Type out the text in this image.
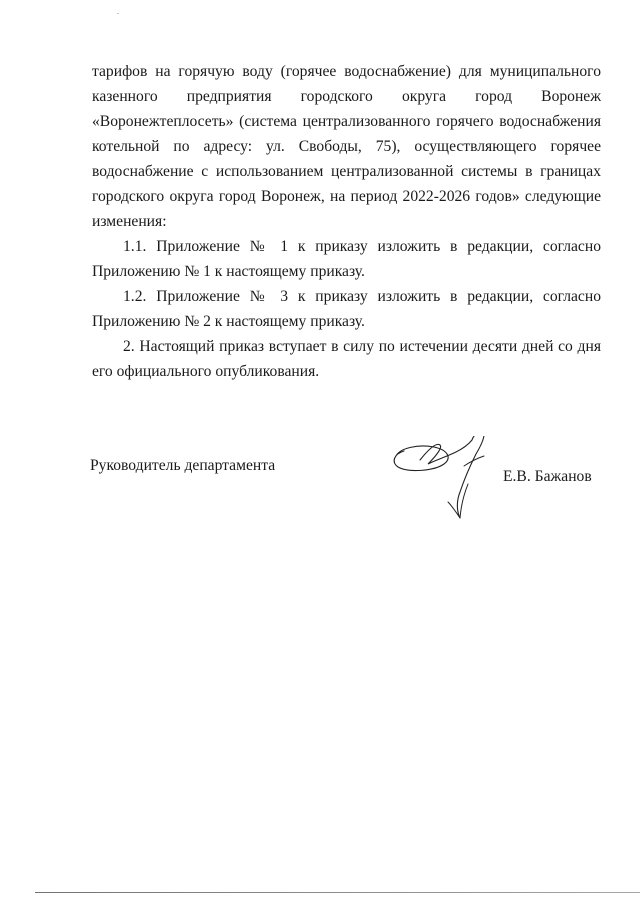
тарифов на горячую воду (горячее водоснабжение) для муниципального казенного предприятия городского округа город Воронеж «Воронежтеплосеть» (система централизованного горячего водоснабжения котельной по адресу: ул. Свободы, 75), осуществляющего горячее водоснабжение с использованием централизованной системы в границах городского округа город Воронеж, на период 2022-2026 годов» следующие изменения:

1.1. Приложение № 1 к приказу изложить в редакции, согласно Приложению № 1 к настоящему приказу.

1.2. Приложение № 3 к приказу изложить в редакции, согласно Приложению № 2 к настоящему приказу.

2. Настоящий приказ вступает в силу по истечении десяти дней со дня его официального опубликования.

Руководитель департамента
Е.В. Бажанов
